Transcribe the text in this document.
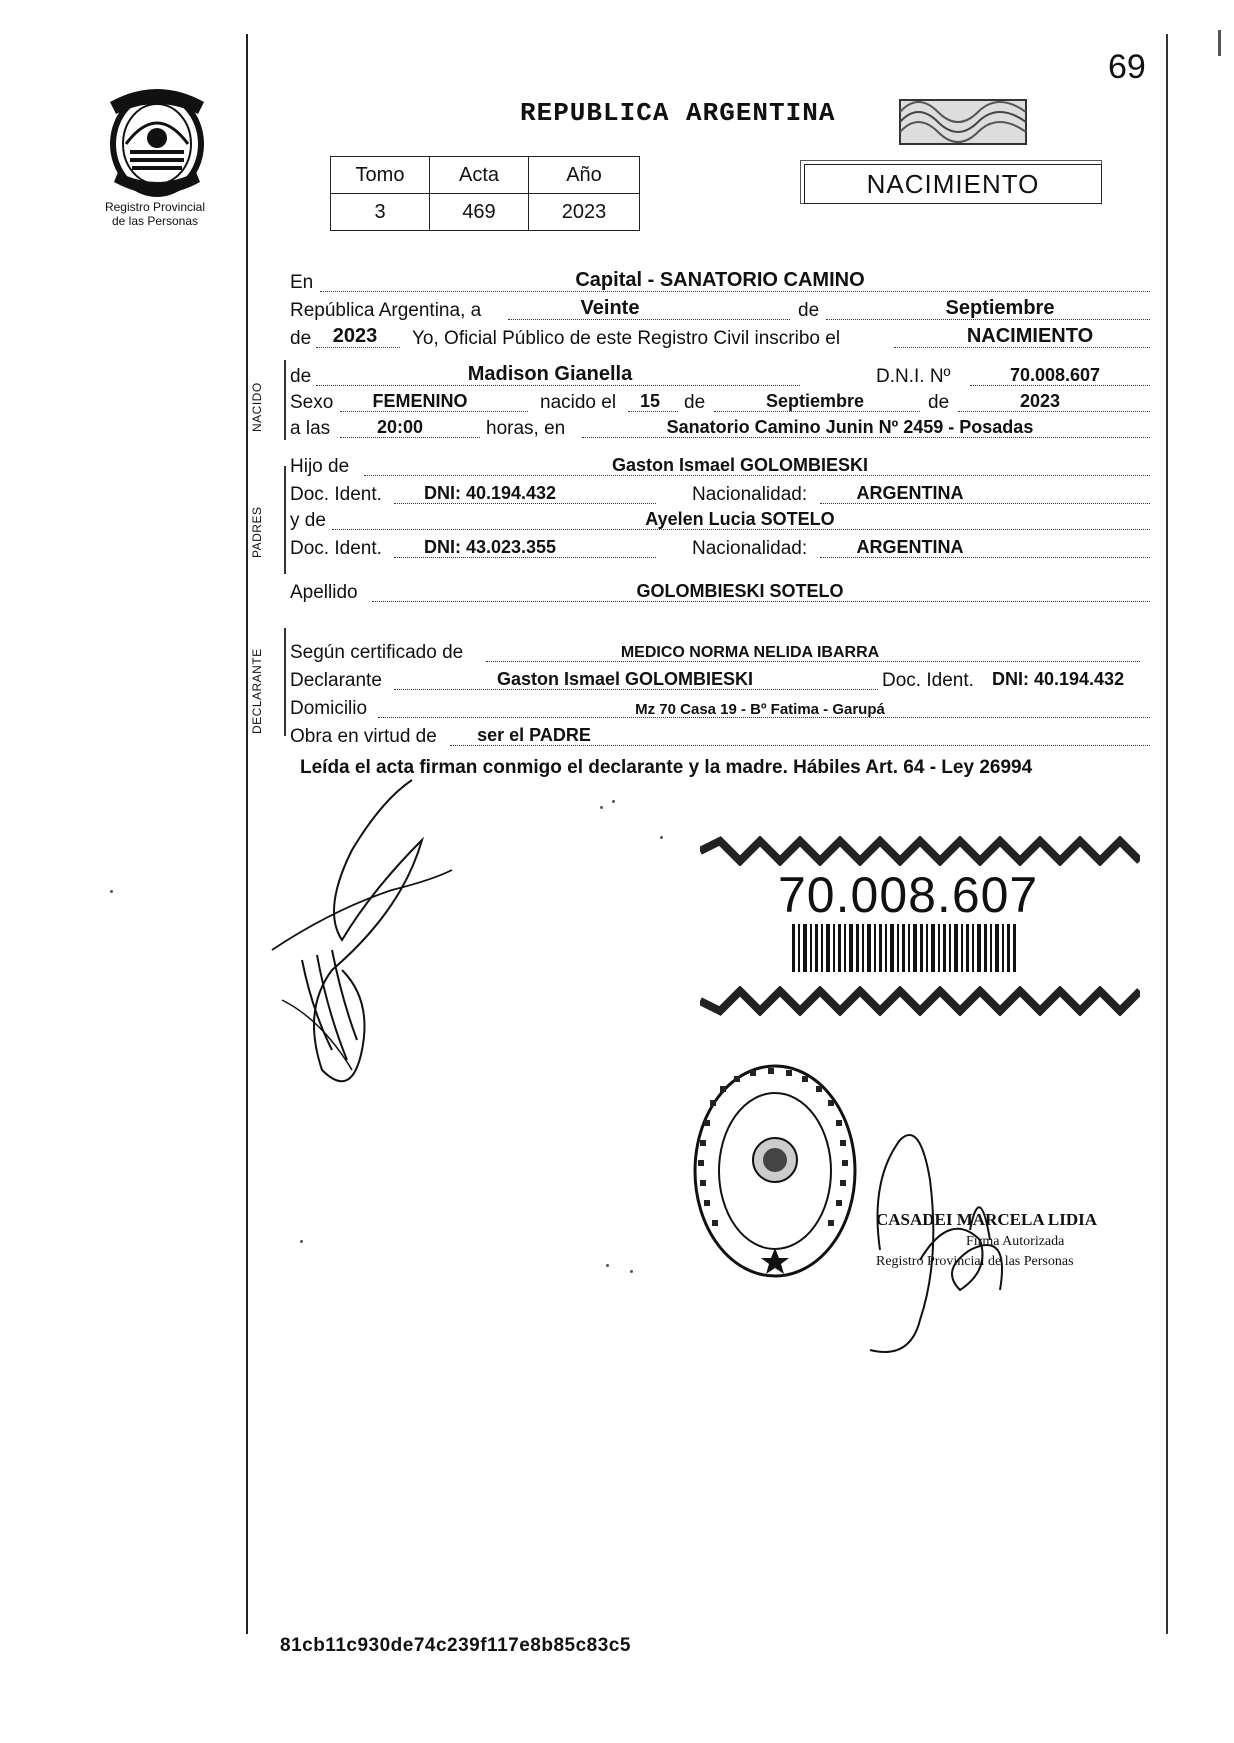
69
Registro Provincial
de las Personas
REPUBLICA ARGENTINA
Tomo	Acta	Año
3	469	2023
NACIMIENTO
NACIDO
PADRES
DECLARANTE
En	Capital - SANATORIO CAMINO
República Argentina, a	Veinte	de	Septiembre
de	2023	Yo, Oficial Público de este Registro Civil inscribo el	NACIMIENTO
de	Madison Gianella	D.N.I. Nº	70.008.607
Sexo	FEMENINO	nacido el	15	de	Septiembre	de	2023
a las	20:00	horas, en	Sanatorio Camino Junin Nº 2459 - Posadas
Hijo de	Gaston Ismael GOLOMBIESKI
Doc. Ident.	DNI: 40.194.432	Nacionalidad:	ARGENTINA
y de	Ayelen Lucia SOTELO
Doc. Ident.	DNI: 43.023.355	Nacionalidad:	ARGENTINA
Apellido	GOLOMBIESKI SOTELO
Según certificado de	MEDICO NORMA NELIDA IBARRA
Declarante	Gaston Ismael GOLOMBIESKI	Doc. Ident. DNI: 40.194.432
Domicilio	Mz 70 Casa 19 - Bº Fatima - Garupá
Obra en virtud de	ser el PADRE
Leída el acta firman conmigo el declarante y la madre. Hábiles Art. 64 - Ley 26994
70.008.607
CASADEI MARCELA LIDIA
Firma Autorizada
Registro Provincial de las Personas
81cb11c930de74c239f117e8b85c83c5
